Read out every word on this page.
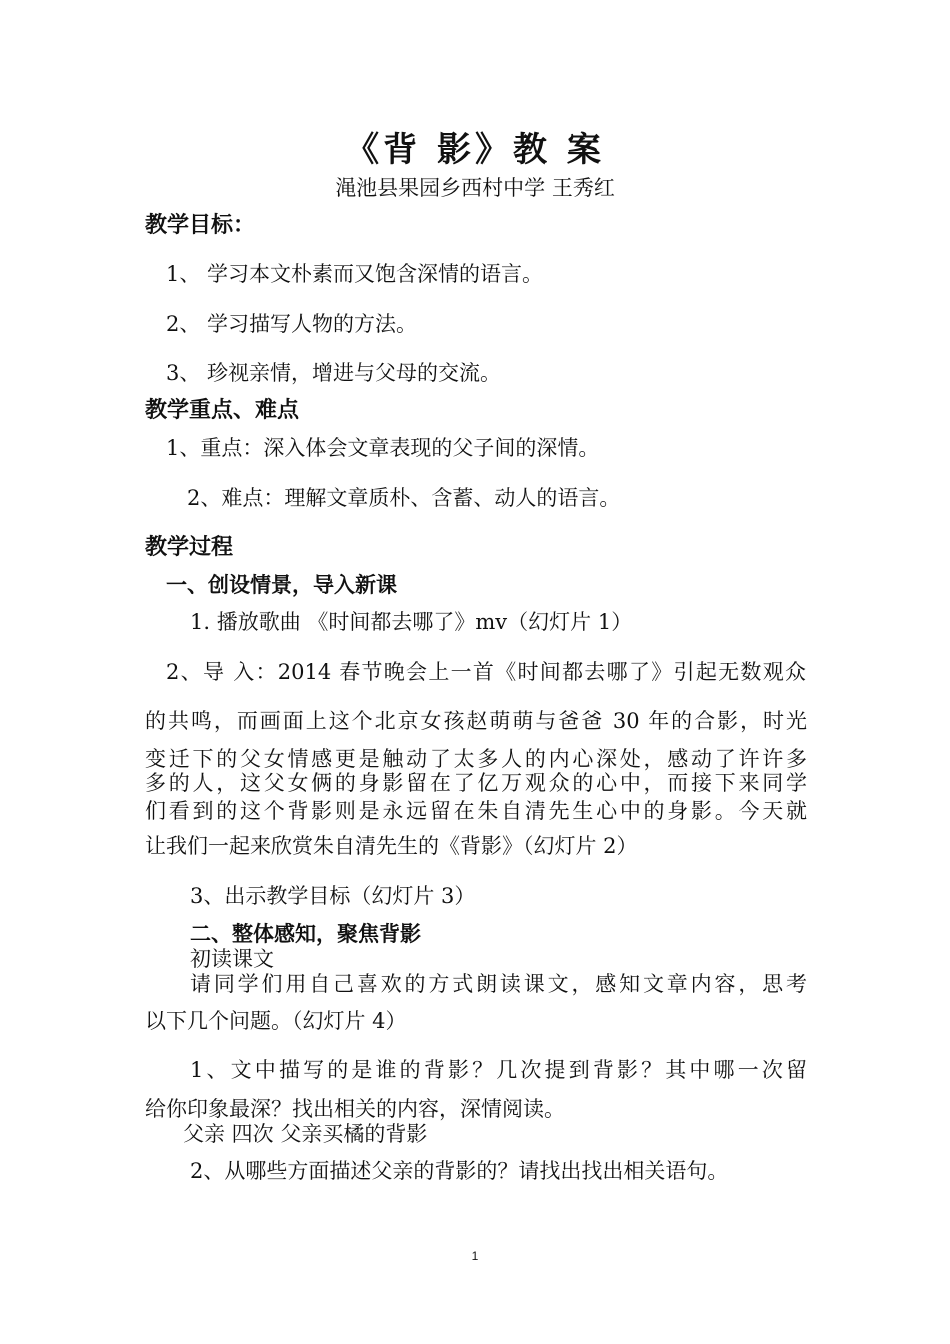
《背 影》教 案
渑池县果园乡西村中学 王秀红
教学目标：
1、 学习本文朴素而又饱含深情的语言。
2、 学习描写人物的方法。
3、 珍视亲情，增进与父母的交流。
教学重点、难点
1、重点：深入体会文章表现的父子间的深情。
2、难点：理解文章质朴、含蓄、动人的语言。
教学过程
一、创设情景，导入新课
1. 播放歌曲 《时间都去哪了》mv（幻灯片 1）
2、导 入：2014 春节晚会上一首《时间都去哪了》引起无数观众
的共鸣，而画面上这个北京女孩赵萌萌与爸爸 30 年的合影，时光
变迁下的父女情感更是触动了太多人的内心深处，感动了许许多
多的人，这父女俩的身影留在了亿万观众的心中，而接下来同学
们看到的这个背影则是永远留在朱自清先生心中的身影。今天就
让我们一起来欣赏朱自清先生的《背影》（幻灯片 2）
3、出示教学目标（幻灯片 3）
二、整体感知，聚焦背影
初读课文
请同学们用自己喜欢的方式朗读课文，感知文章内容，思考
以下几个问题。（幻灯片 4）
1、文中描写的是谁的背影？几次提到背影？其中哪一次留
给你印象最深？找出相关的内容，深情阅读。
父亲 四次 父亲买橘的背影
2、从哪些方面描述父亲的背影的？请找出找出相关语句。
1
